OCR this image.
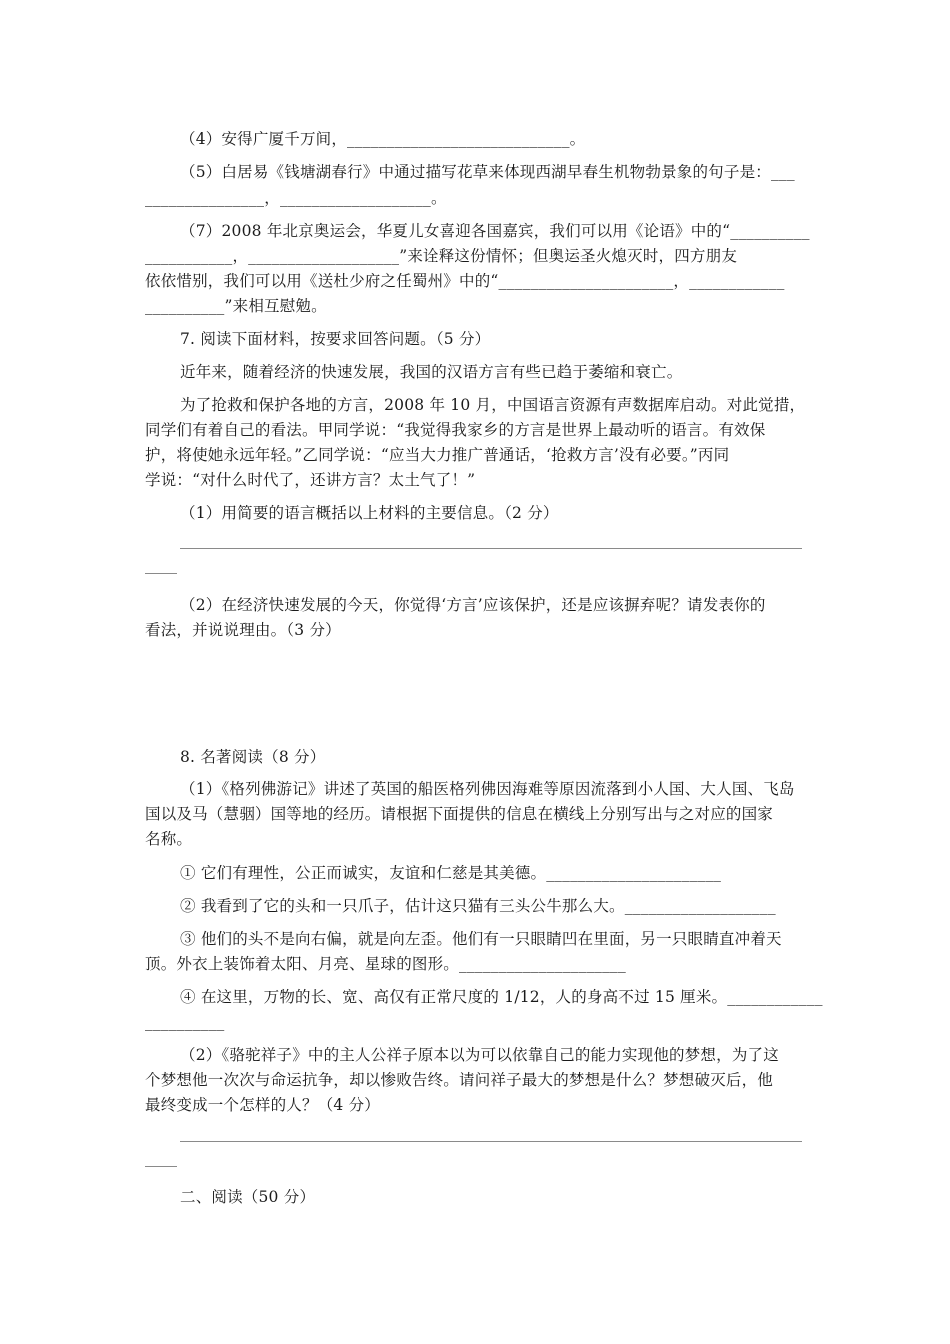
（4）安得广厦千万间，____________________________。
（5）白居易《钱塘湖春行》中通过描写花草来体现西湖早春生机物勃景象的句子是：___
_______________，___________________。
（7）2008 年北京奥运会，华夏儿女喜迎各国嘉宾，我们可以用《论语》中的“__________
___________，___________________”来诠释这份情怀；但奥运圣火熄灭时，四方朋友
依依惜别，我们可以用《送杜少府之任蜀州》中的“______________________，____________
__________”来相互慰勉。
7. 阅读下面材料，按要求回答问题。（5 分）
近年来，随着经济的快速发展，我国的汉语方言有些已趋于萎缩和衰亡。
为了抢救和保护各地的方言，2008 年 10 月，中国语言资源有声数据库启动。对此觉措，
同学们有着自己的看法。甲同学说：“我觉得我家乡的方言是世界上最动听的语言。有效保
护，将使她永远年轻。”乙同学说：“应当大力推广普通话，‘抢救方言’没有必要。”丙同
学说：“对什么时代了，还讲方言？太土气了！”
（1）用简要的语言概括以上材料的主要信息。（2 分）
（2）在经济快速发展的今天，你觉得‘方言’应该保护，还是应该摒弃呢？请发表你的
看法，并说说理由。（3 分）
8. 名著阅读（8 分）
（1）《格列佛游记》讲述了英国的船医格列佛因海难等原因流落到小人国、大人国、飞岛
国以及马（慧骃）国等地的经历。请根据下面提供的信息在横线上分别写出与之对应的国家
名称。
① 它们有理性，公正而诚实，友谊和仁慈是其美德。______________________
② 我看到了它的头和一只爪子，估计这只猫有三头公牛那么大。___________________
③ 他们的头不是向右偏，就是向左歪。他们有一只眼睛凹在里面，另一只眼睛直冲着天
顶。外衣上装饰着太阳、月亮、星球的图形。_____________________
④ 在这里，万物的长、宽、高仅有正常尺度的 1/12，人的身高不过 15 厘米。____________
__________
（2）《骆驼祥子》中的主人公祥子原本以为可以依靠自己的能力实现他的梦想，为了这
个梦想他一次次与命运抗争，却以惨败告终。请问祥子最大的梦想是什么？梦想破灭后，他
最终变成一个怎样的人？（4 分）
二、阅读（50 分）
